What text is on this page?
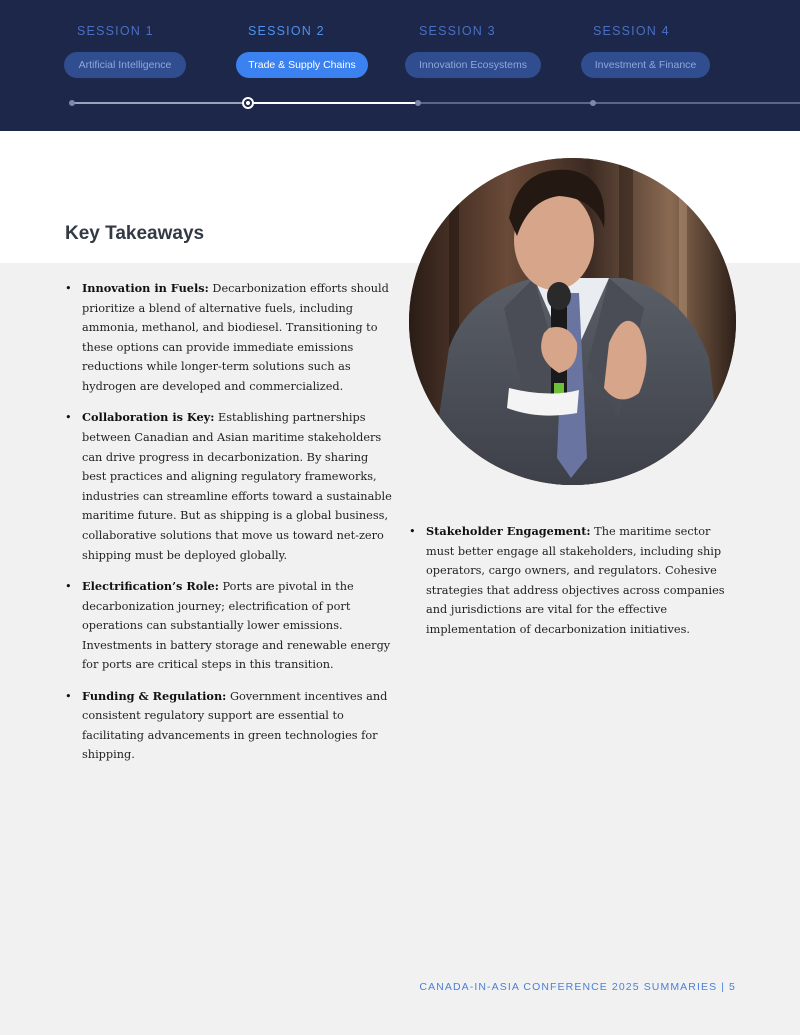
SESSION 1	SESSION 2	SESSION 3	SESSION 4
Artificial Intelligence	Trade & Supply Chains	Innovation Ecosystems	Investment & Finance
Key Takeaways
• Innovation in Fuels: Decarbonization efforts should prioritize a blend of alternative fuels, including ammonia, methanol, and biodiesel. Transitioning to these options can provide immediate emissions reductions while longer-term solutions such as hydrogen are developed and commercialized.
• Collaboration is Key: Establishing partnerships between Canadian and Asian maritime stakeholders can drive progress in decarbonization. By sharing best practices and aligning regulatory frameworks, industries can streamline efforts toward a sustainable maritime future. But as shipping is a global business, collaborative solutions that move us toward net-zero shipping must be deployed globally.
• Electrification’s Role: Ports are pivotal in the decarbonization journey; electrification of port operations can substantially lower emissions. Investments in battery storage and renewable energy for ports are critical steps in this transition.
• Funding & Regulation: Government incentives and consistent regulatory support are essential to facilitating advancements in green technologies for shipping.
• Stakeholder Engagement: The maritime sector must better engage all stakeholders, including ship operators, cargo owners, and regulators. Cohesive strategies that address objectives across companies and jurisdictions are vital for the effective implementation of decarbonization initiatives.
CANADA-IN-ASIA CONFERENCE 2025 SUMMARIES | 5
